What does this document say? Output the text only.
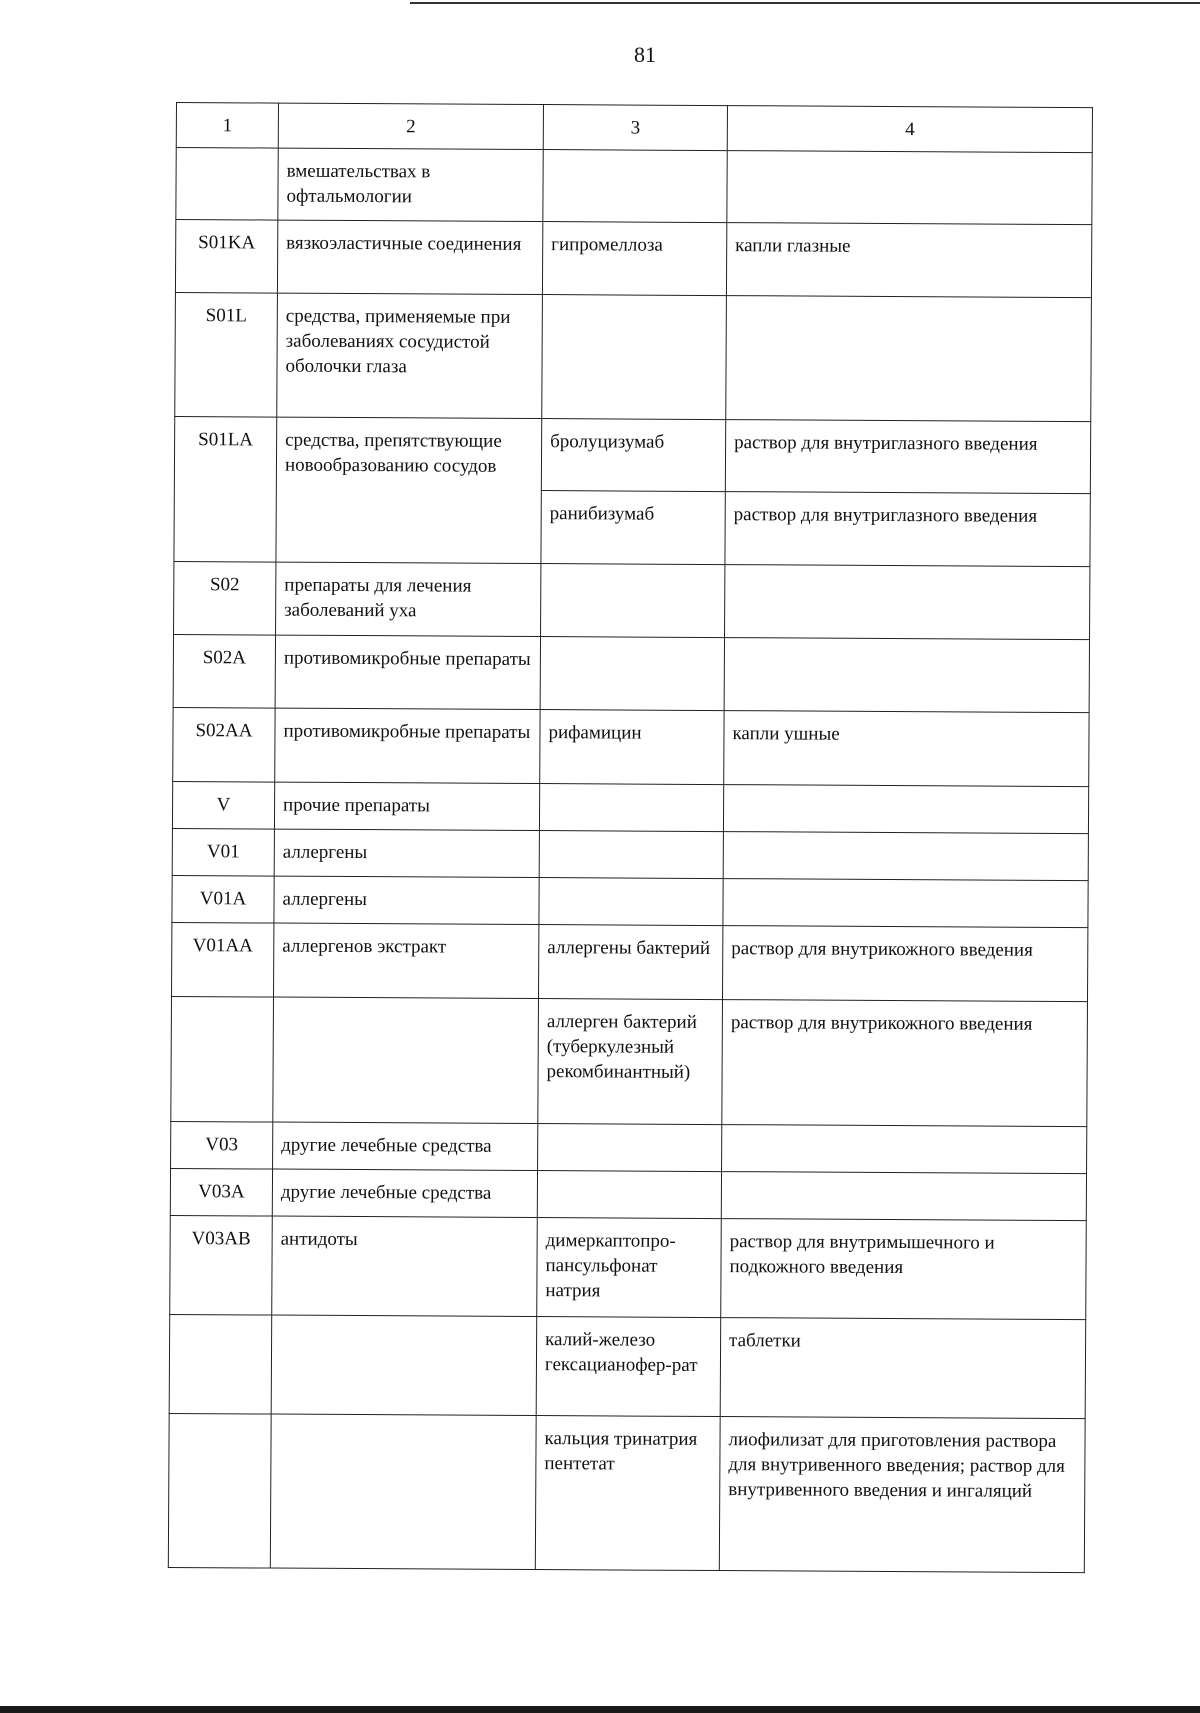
81
1	2	3	4
	вмешательствах в офтальмологии		
S01KA	вязкоэластичные соединения	гипромеллоза	капли глазные
S01L	средства, применяемые при заболеваниях сосудистой оболочки глаза		
S01LA	средства, препятствующие новообразованию сосудов	бролуцизумаб	раствор для внутриглазного введения
		ранибизумаб	раствор для внутриглазного введения
S02	препараты для лечения заболеваний уха		
S02A	противомикробные препараты		
S02AA	противомикробные препараты	рифамицин	капли ушные
V	прочие препараты		
V01	аллергены		
V01A	аллергены		
V01AA	аллергенов экстракт	аллергены бактерий	раствор для внутрикожного введения
		аллерген бактерий (туберкулезный рекомбинантный)	раствор для внутрикожного введения
V03	другие лечебные средства		
V03A	другие лечебные средства		
V03AB	антидоты	димеркаптопро-пансульфонат натрия	раствор для внутримышечного и подкожного введения
		калий-железо гексацианофер-рат	таблетки
		кальция тринатрия пентетат	лиофилизат для приготовления раствора для внутривенного введения; раствор для внутривенного введения и ингаляций
